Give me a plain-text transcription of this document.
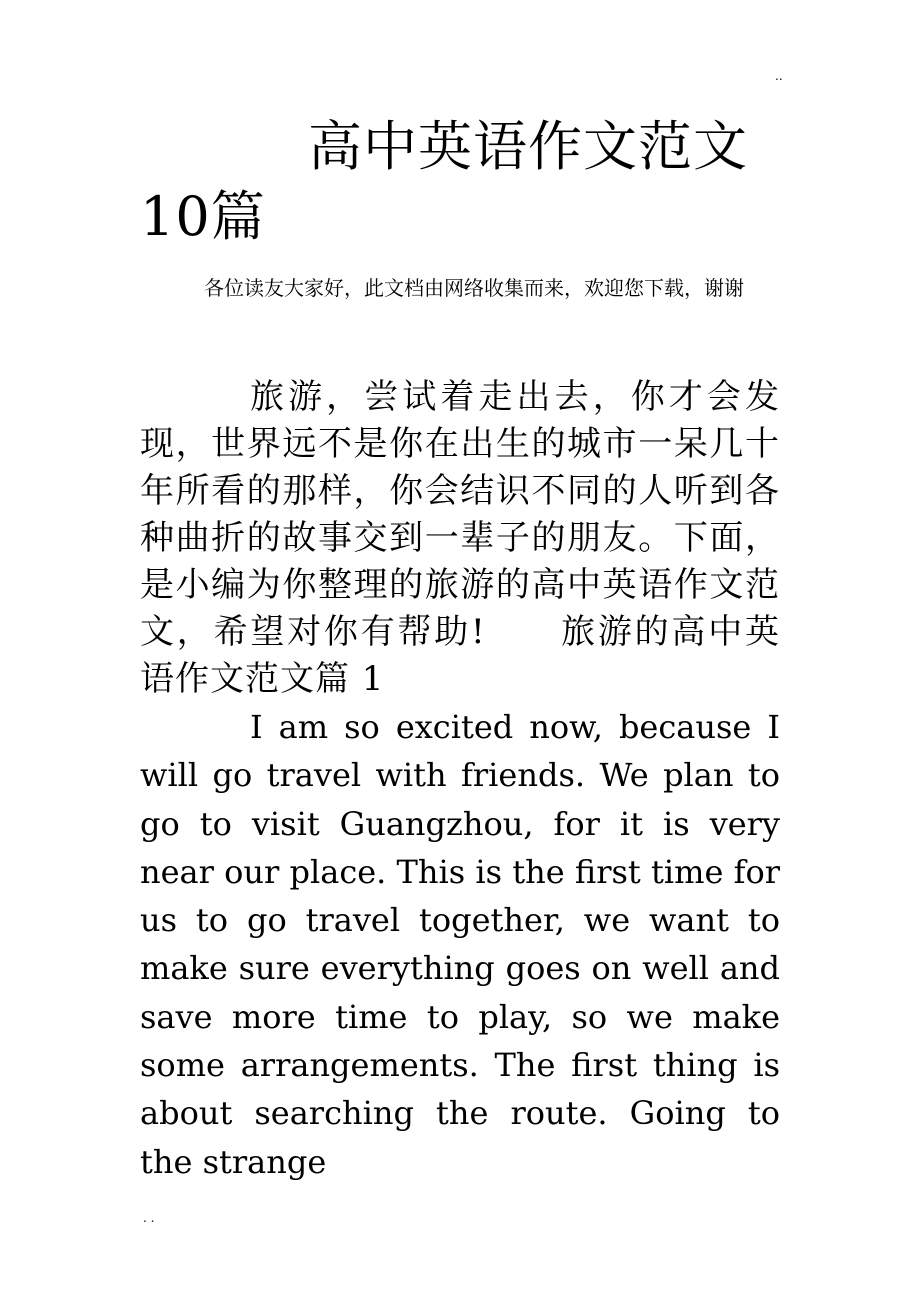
..
高中英语作文范文10篇

各位读友大家好，此文档由网络收集而来，欢迎您下载，谢谢

旅游，尝试着走出去，你才会发现，世界远不是你在出生的城市一呆几十年所看的那样，你会结识不同的人听到各种曲折的故事交到一辈子的朋友。下面，是小编为你整理的旅游的高中英语作文范文，希望对你有帮助!　　旅游的高中英语作文范文篇 1

I am so excited now, because I will go travel with friends. We plan to go to visit Guangzhou, for it is very near our place. This is the first time for us to go travel together, we want to make sure everything goes on well and save more time to play, so we make some arrangements. The first thing is about searching the route. Going to the strange

. .
